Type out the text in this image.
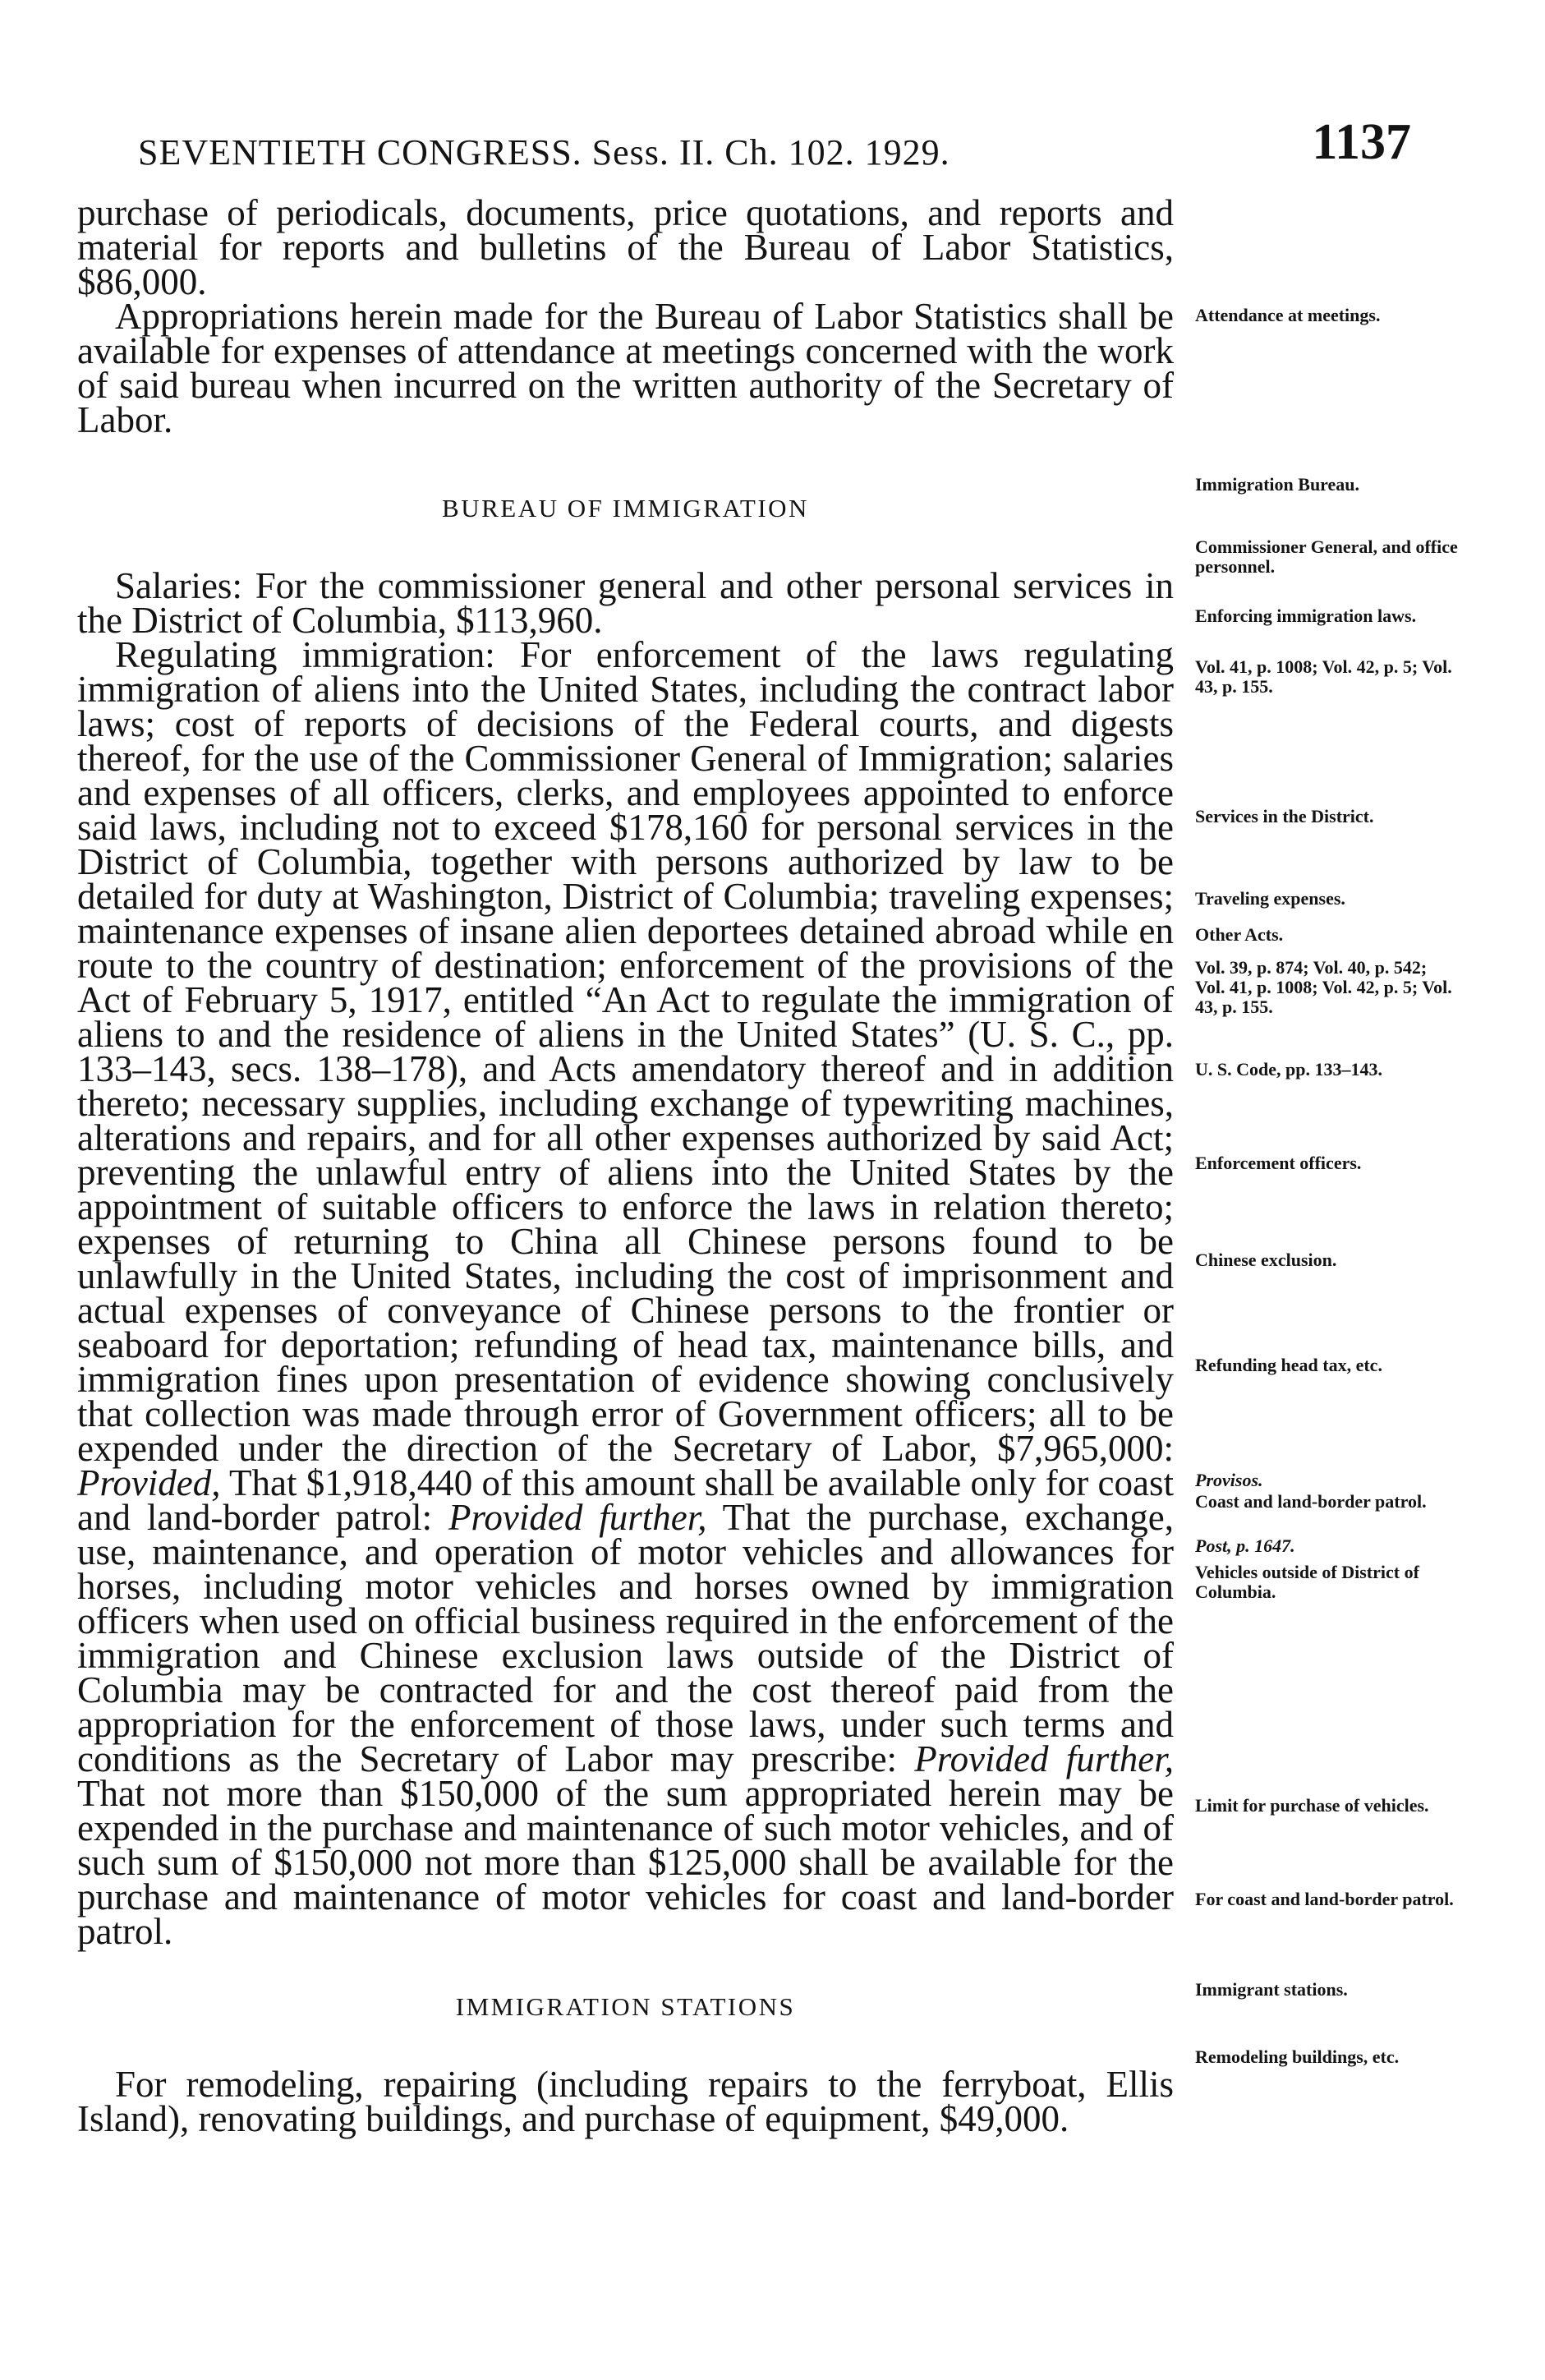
SEVENTIETH CONGRESS. Sess. II. Ch. 102. 1929.	1137

purchase of periodicals, documents, price quotations, and reports and material for reports and bulletins of the Bureau of Labor Statistics, $86,000.

Appropriations herein made for the Bureau of Labor Statistics shall be available for expenses of attendance at meetings concerned with the work of said bureau when incurred on the written authority of the Secretary of Labor.

BUREAU OF IMMIGRATION

Salaries: For the commissioner general and other personal services in the District of Columbia, $113,960.

Regulating immigration: For enforcement of the laws regulating immigration of aliens into the United States, including the contract labor laws; cost of reports of decisions of the Federal courts, and digests thereof, for the use of the Commissioner General of Immigration; salaries and expenses of all officers, clerks, and employees appointed to enforce said laws, including not to exceed $178,160 for personal services in the District of Columbia, together with persons authorized by law to be detailed for duty at Washington, District of Columbia; traveling expenses; maintenance expenses of insane alien deportees detained abroad while en route to the country of destination; enforcement of the provisions of the Act of February 5, 1917, entitled “An Act to regulate the immigration of aliens to and the residence of aliens in the United States” (U. S. C., pp. 133–143, secs. 138–178), and Acts amendatory thereof and in addition thereto; necessary supplies, including exchange of typewriting machines, alterations and repairs, and for all other expenses authorized by said Act; preventing the unlawful entry of aliens into the United States by the appointment of suitable officers to enforce the laws in relation thereto; expenses of returning to China all Chinese persons found to be unlawfully in the United States, including the cost of imprisonment and actual expenses of conveyance of Chinese persons to the frontier or seaboard for deportation; refunding of head tax, maintenance bills, and immigration fines upon presentation of evidence showing conclusively that collection was made through error of Government officers; all to be expended under the direction of the Secretary of Labor, $7,965,000: Provided, That $1,918,440 of this amount shall be available only for coast and land-border patrol: Provided further, That the purchase, exchange, use, maintenance, and operation of motor vehicles and allowances for horses, including motor vehicles and horses owned by immigration officers when used on official business required in the enforcement of the immigration and Chinese exclusion laws outside of the District of Columbia may be contracted for and the cost thereof paid from the appropriation for the enforcement of those laws, under such terms and conditions as the Secretary of Labor may prescribe: Provided further, That not more than $150,000 of the sum appropriated herein may be expended in the purchase and maintenance of such motor vehicles, and of such sum of $150,000 not more than $125,000 shall be available for the purchase and maintenance of motor vehicles for coast and land-border patrol.

IMMIGRATION STATIONS

For remodeling, repairing (including repairs to the ferryboat, Ellis Island), renovating buildings, and purchase of equipment, $49,000.

Attendance at meetings.
Immigration Bureau.
Commissioner General, and office personnel.
Enforcing immigration laws.
Vol. 41, p. 1008; Vol. 42, p. 5; Vol. 43, p. 155.
Services in the District.
Traveling expenses.
Other Acts.
Vol. 39, p. 874; Vol. 40, p. 542; Vol. 41, p. 1008; Vol. 42, p. 5; Vol. 43, p. 155.
U. S. Code, pp. 133–143.
Enforcement officers.
Chinese exclusion.
Refunding head tax, etc.
Provisos.
Coast and land-border patrol.
Post, p. 1647.
Vehicles outside of District of Columbia.
Limit for purchase of vehicles.
For coast and land-border patrol.
Immigrant stations.
Remodeling buildings, etc.
